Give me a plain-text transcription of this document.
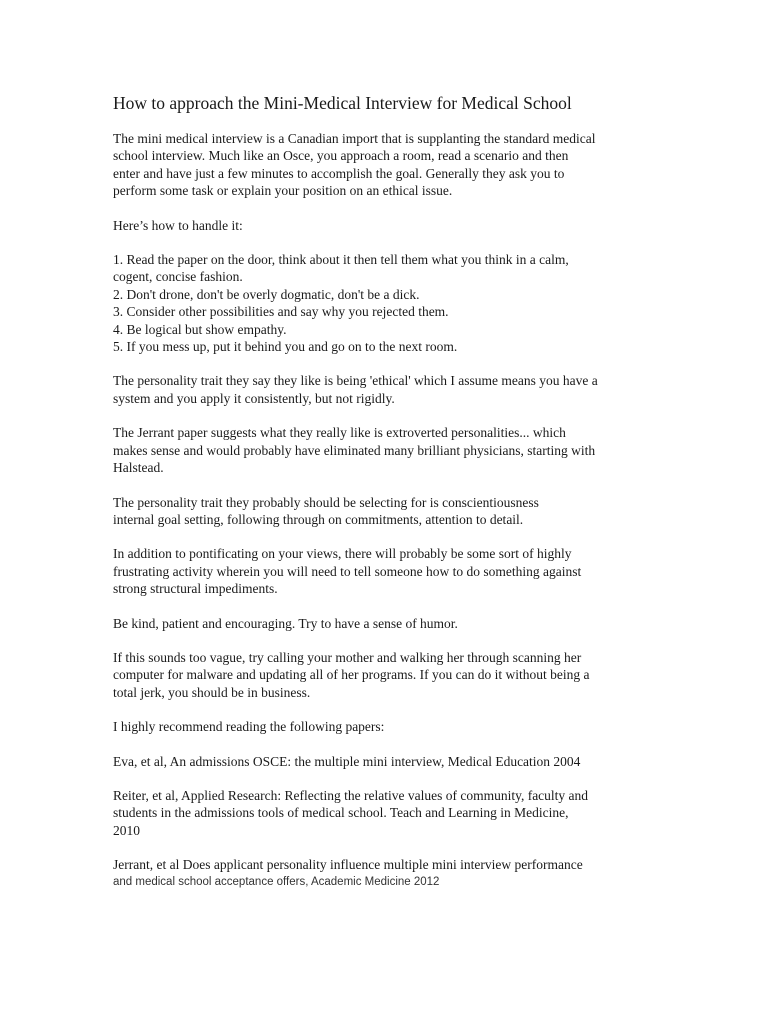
How to approach the Mini-Medical Interview for Medical School
The mini medical interview is a Canadian import that is supplanting the standard medical
school interview. Much like an Osce, you approach a room, read a scenario and then
enter and have just a few minutes to accomplish the goal. Generally they ask you to
perform some task or explain your position on an ethical issue.
Here’s how to handle it:
1. Read the paper on the door, think about it then tell them what you think in a calm,
cogent, concise fashion.
2. Don't drone, don't be overly dogmatic, don't be a dick.
3. Consider other possibilities and say why you rejected them.
4. Be logical but show empathy.
5. If you mess up, put it behind you and go on to the next room.
The personality trait they say they like is being 'ethical' which I assume means you have a
system and you apply it consistently, but not rigidly.
The Jerrant paper suggests what they really like is extroverted personalities... which
makes sense and would probably have eliminated many brilliant physicians, starting with
Halstead.
The personality trait they probably should be selecting for is conscientiousness
internal goal setting, following through on commitments, attention to detail.
In addition to pontificating on your views, there will probably be some sort of highly
frustrating activity wherein you will need to tell someone how to do something against
strong structural impediments.
Be kind, patient and encouraging. Try to have a sense of humor.
If this sounds too vague, try calling your mother and walking her through scanning her
computer for malware and updating all of her programs. If you can do it without being a
total jerk, you should be in business.
I highly recommend reading the following papers:
Eva, et al, An admissions OSCE: the multiple mini interview, Medical Education 2004
Reiter, et al, Applied Research: Reflecting the relative values of community, faculty and
students in the admissions tools of medical school. Teach and Learning in Medicine,
2010
Jerrant, et al Does applicant personality influence multiple mini interview performance
and medical school acceptance offers, Academic Medicine 2012
